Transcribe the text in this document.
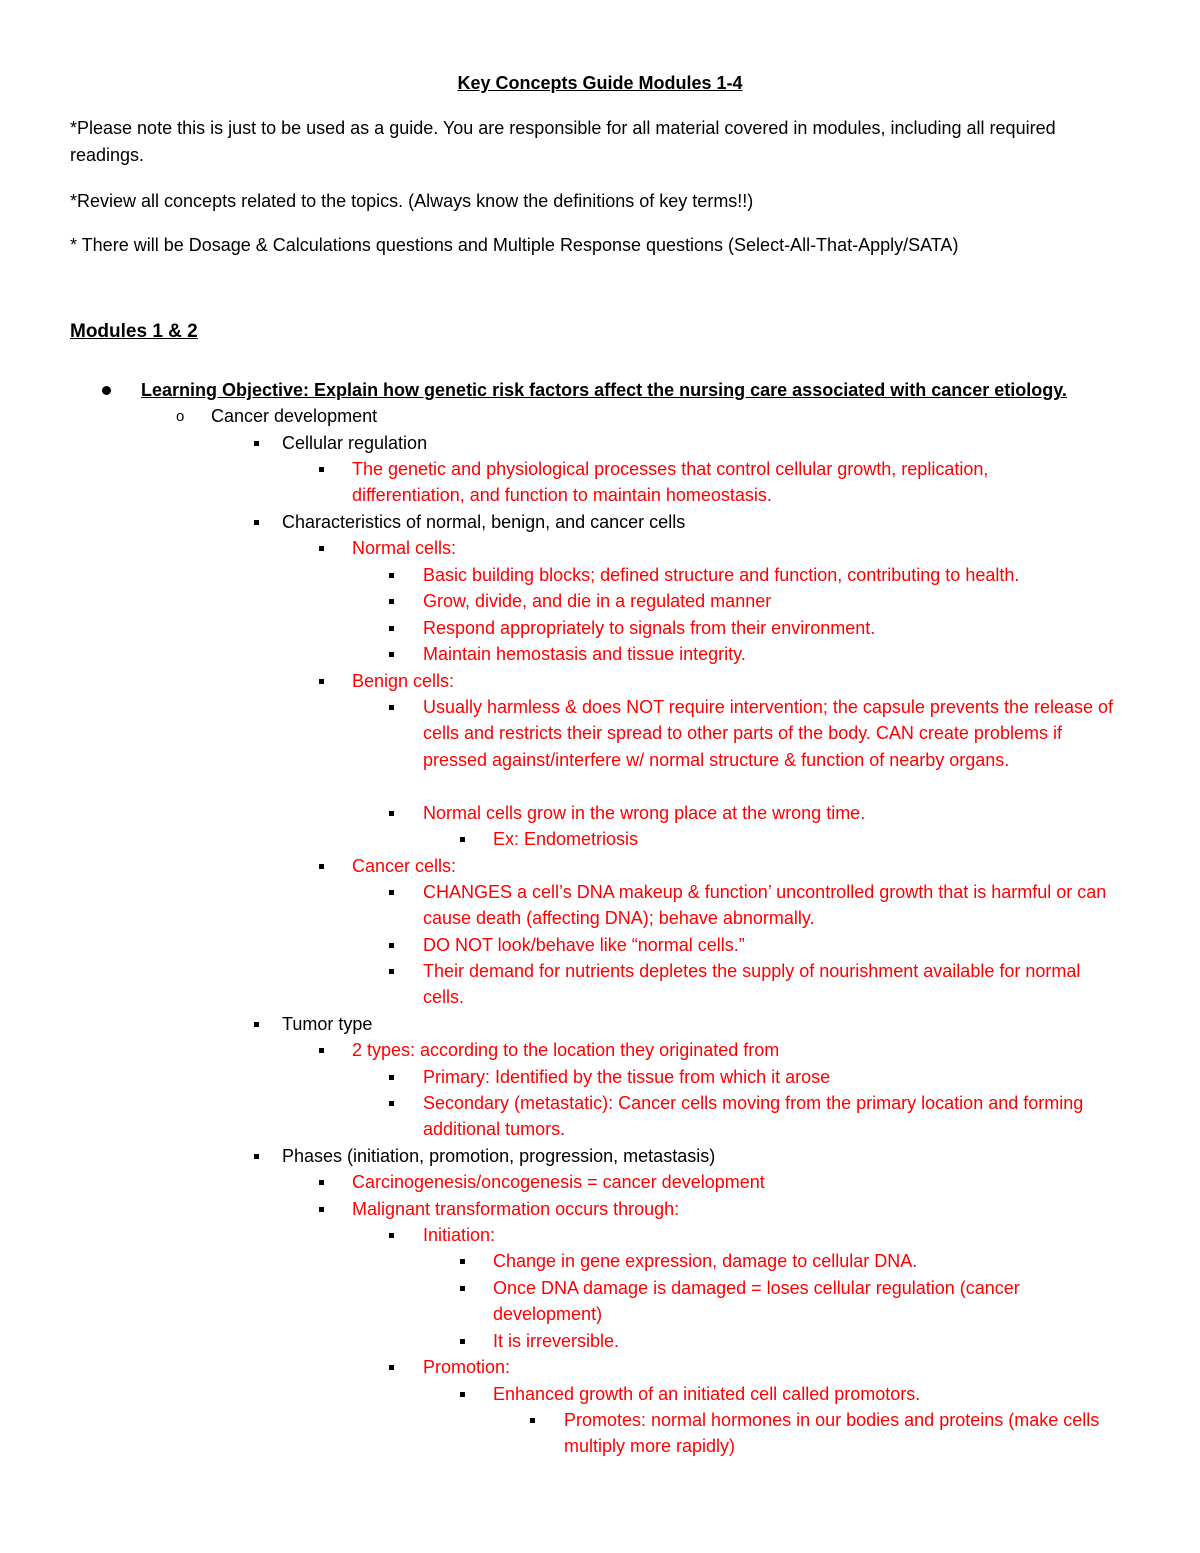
Key Concepts Guide Modules 1-4
*Please note this is just to be used as a guide. You are responsible for all material covered in modules, including all required readings.
*Review all concepts related to the topics. (Always know the definitions of key terms!!)
* There will be Dosage & Calculations questions and Multiple Response questions (Select-All-That-Apply/SATA)
Modules 1 & 2
Learning Objective: Explain how genetic risk factors affect the nursing care associated with cancer etiology.
o Cancer development
Cellular regulation
The genetic and physiological processes that control cellular growth, replication, differentiation, and function to maintain homeostasis.
Characteristics of normal, benign, and cancer cells
Normal cells:
Basic building blocks; defined structure and function, contributing to health.
Grow, divide, and die in a regulated manner
Respond appropriately to signals from their environment.
Maintain hemostasis and tissue integrity.
Benign cells:
Usually harmless & does NOT require intervention; the capsule prevents the release of cells and restricts their spread to other parts of the body. CAN create problems if pressed against/interfere w/ normal structure & function of nearby organs.
Normal cells grow in the wrong place at the wrong time.
Ex: Endometriosis
Cancer cells:
CHANGES a cell’s DNA makeup & function’ uncontrolled growth that is harmful or can cause death (affecting DNA); behave abnormally.
DO NOT look/behave like “normal cells.”
Their demand for nutrients depletes the supply of nourishment available for normal cells.
Tumor type
2 types: according to the location they originated from
Primary: Identified by the tissue from which it arose
Secondary (metastatic): Cancer cells moving from the primary location and forming additional tumors.
Phases (initiation, promotion, progression, metastasis)
Carcinogenesis/oncogenesis = cancer development
Malignant transformation occurs through:
Initiation:
Change in gene expression, damage to cellular DNA.
Once DNA damage is damaged = loses cellular regulation (cancer development)
It is irreversible.
Promotion:
Enhanced growth of an initiated cell called promotors.
Promotes: normal hormones in our bodies and proteins (make cells multiply more rapidly)
